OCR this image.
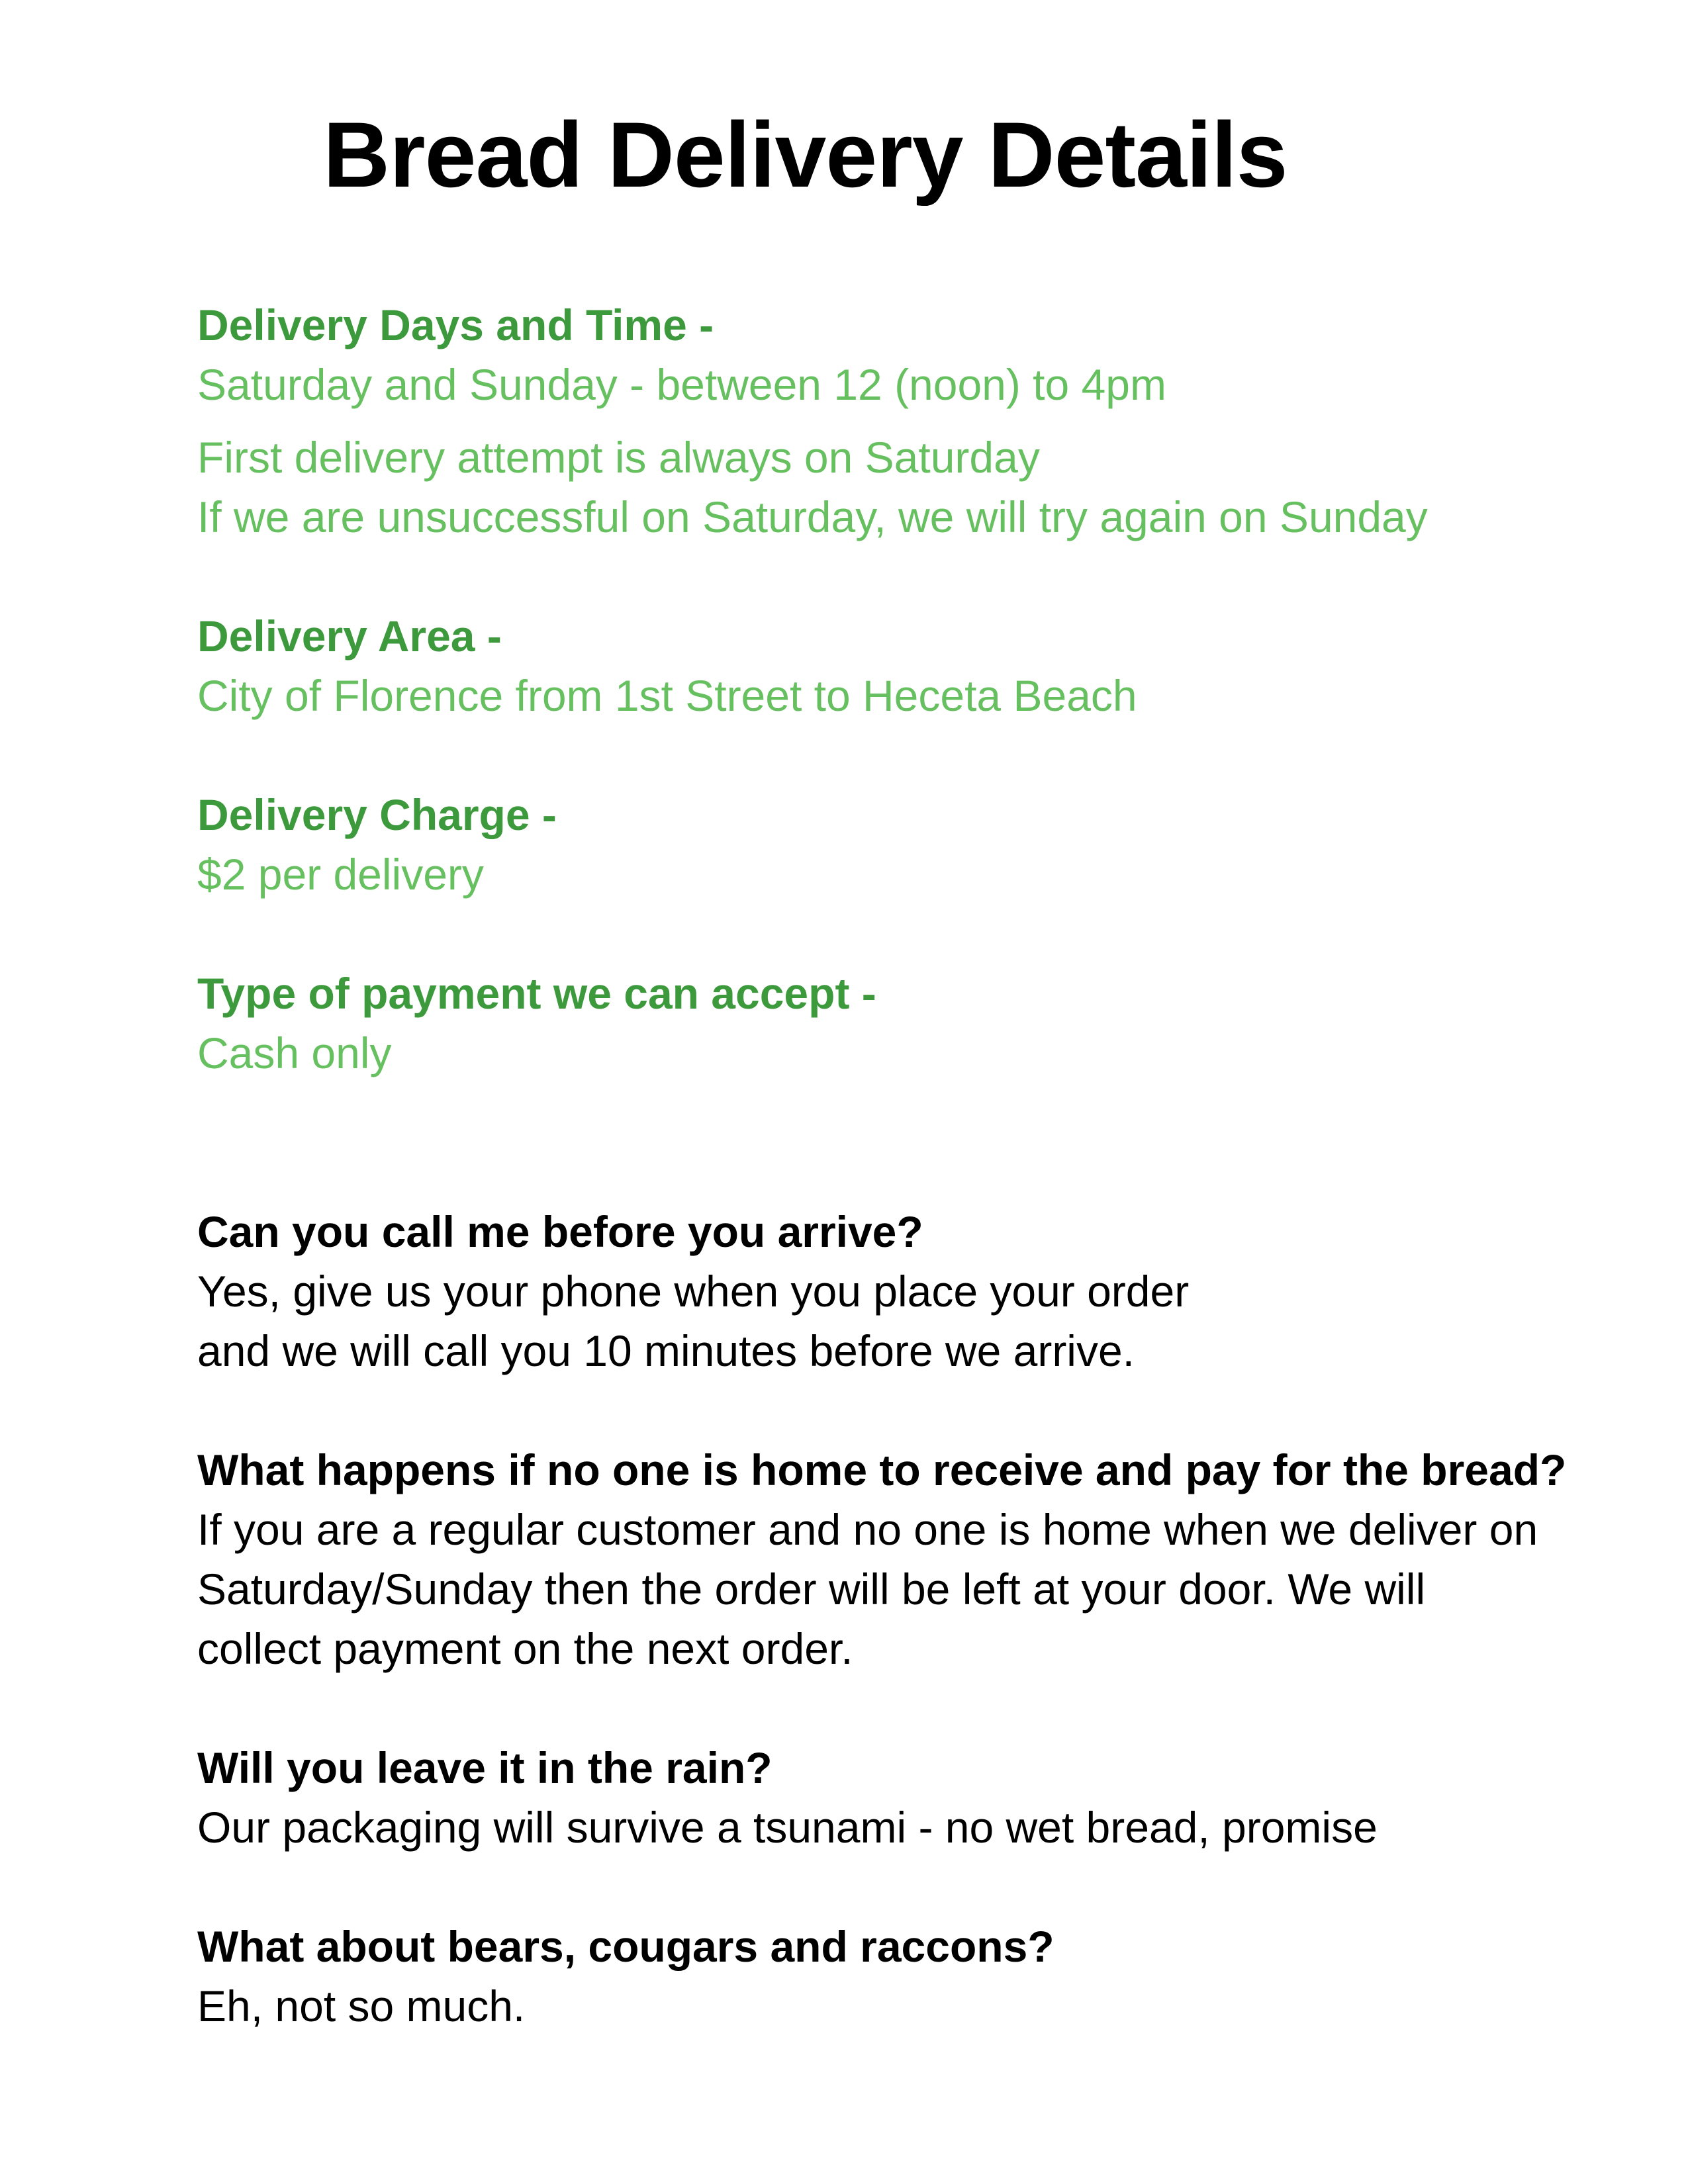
Bread Delivery Details
Delivery Days and Time -
Saturday and Sunday - between 12 (noon) to 4pm
First delivery attempt is always on Saturday
If we are unsuccessful on Saturday, we will try again on Sunday
Delivery Area -
City of Florence from 1st Street to Heceta Beach
Delivery Charge -
$2 per delivery
Type of payment we can accept -
Cash only
Can you call me before you arrive?
Yes, give us your phone when you place your order
and we will call you 10 minutes before we arrive.
What happens if no one is home to receive and pay for the bread?
If you are a regular customer and no one is home when we deliver on
Saturday/Sunday then the order will be left at your door. We will
collect payment on the next order.
Will you leave it in the rain?
Our packaging will survive a tsunami - no wet bread, promise
What about bears, cougars and raccons?
Eh, not so much.
